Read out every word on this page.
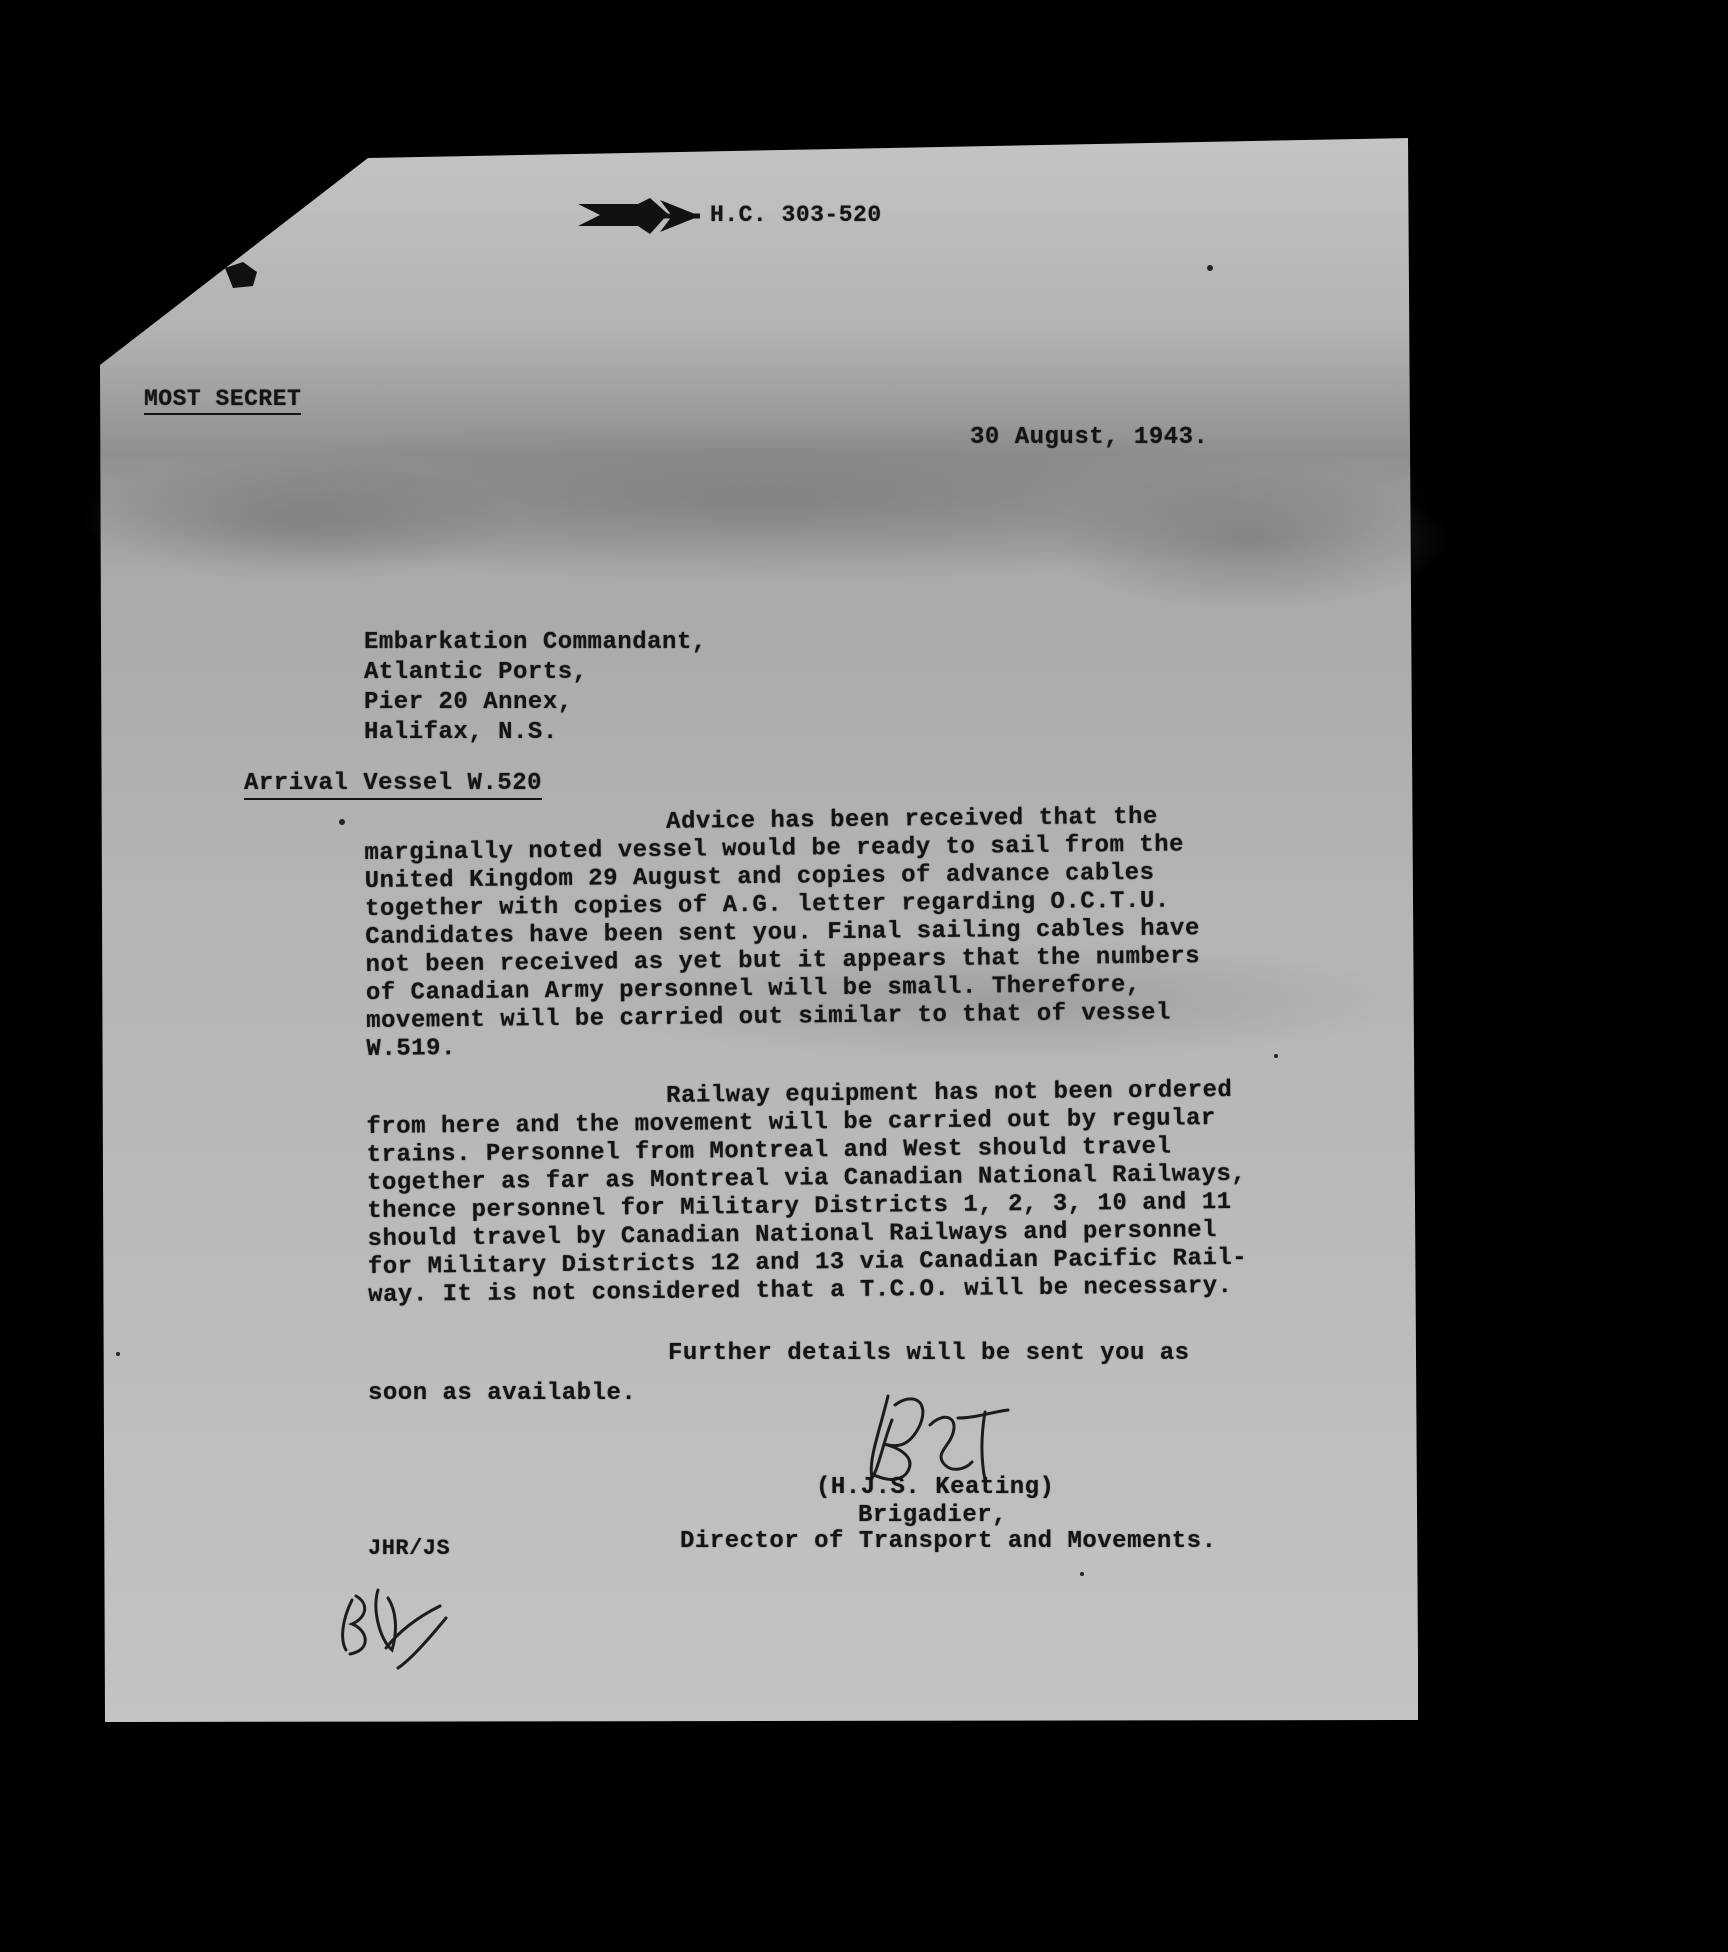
H.C. 303-520
MOST SECRET
30 August, 1943.
Embarkation Commandant,
Atlantic Ports,
Pier 20 Annex,
Halifax, N.S.
Arrival Vessel W.520
Advice has been received that the
marginally noted vessel would be ready to sail from the
United Kingdom 29 August and copies of advance cables
together with copies of A.G. letter regarding O.C.T.U.
Candidates have been sent you. Final sailing cables have
not been received as yet but it appears that the numbers
of Canadian Army personnel will be small. Therefore,
movement will be carried out similar to that of vessel
W.519.
Railway equipment has not been ordered
from here and the movement will be carried out by regular
trains. Personnel from Montreal and West should travel
together as far as Montreal via Canadian National Railways,
thence personnel for Military Districts 1, 2, 3, 10 and 11
should travel by Canadian National Railways and personnel
for Military Districts 12 and 13 via Canadian Pacific Rail-
way. It is not considered that a T.C.O. will be necessary.
Further details will be sent you as
soon as available.
(H.J.S. Keating)
Brigadier,
Director of Transport and Movements.
JHR/JS
